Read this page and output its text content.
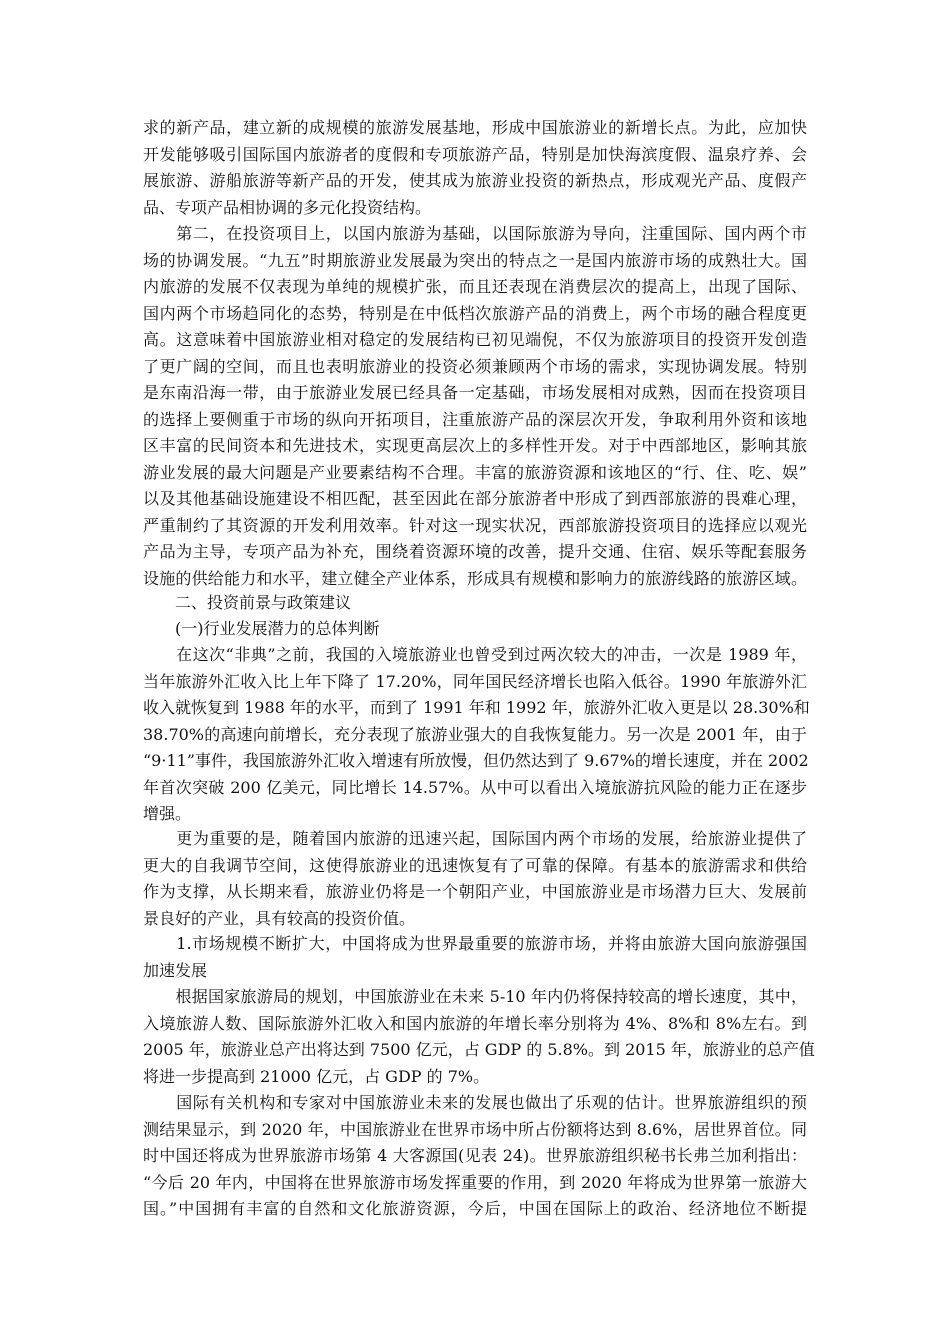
求的新产品，建立新的成规模的旅游发展基地，形成中国旅游业的新增长点。为此，应加快
开发能够吸引国际国内旅游者的度假和专项旅游产品，特别是加快海滨度假、温泉疗养、会
展旅游、游船旅游等新产品的开发，使其成为旅游业投资的新热点，形成观光产品、度假产
品、专项产品相协调的多元化投资结构。
　　第二，在投资项目上，以国内旅游为基础，以国际旅游为导向，注重国际、国内两个市
场的协调发展。“九五”时期旅游业发展最为突出的特点之一是国内旅游市场的成熟壮大。国
内旅游的发展不仅表现为单纯的规模扩张，而且还表现在消费层次的提高上，出现了国际、
国内两个市场趋同化的态势，特别是在中低档次旅游产品的消费上，两个市场的融合程度更
高。这意味着中国旅游业相对稳定的发展结构已初见端倪，不仅为旅游项目的投资开发创造
了更广阔的空间，而且也表明旅游业的投资必须兼顾两个市场的需求，实现协调发展。特别
是东南沿海一带，由于旅游业发展已经具备一定基础，市场发展相对成熟，因而在投资项目
的选择上要侧重于市场的纵向开拓项目，注重旅游产品的深层次开发，争取利用外资和该地
区丰富的民间资本和先进技术，实现更高层次上的多样性开发。对于中西部地区，影响其旅
游业发展的最大问题是产业要素结构不合理。丰富的旅游资源和该地区的“行、住、吃、娱”
以及其他基础设施建设不相匹配，甚至因此在部分旅游者中形成了到西部旅游的畏难心理，
严重制约了其资源的开发利用效率。针对这一现实状况，西部旅游投资项目的选择应以观光
产品为主导，专项产品为补充，围绕着资源环境的改善，提升交通、住宿、娱乐等配套服务
设施的供给能力和水平，建立健全产业体系，形成具有规模和影响力的旅游线路的旅游区域。
　　二、投资前景与政策建议
　　(一)行业发展潜力的总体判断
　　在这次“非典”之前，我国的入境旅游业也曾受到过两次较大的冲击，一次是 1989 年，
当年旅游外汇收入比上年下降了 17.20%，同年国民经济增长也陷入低谷。1990 年旅游外汇
收入就恢复到 1988 年的水平，而到了 1991 年和 1992 年，旅游外汇收入更是以 28.30%和
38.70%的高速向前增长，充分表现了旅游业强大的自我恢复能力。另一次是 2001 年，由于
“9·11”事件，我国旅游外汇收入增速有所放慢，但仍然达到了 9.67%的增长速度，并在 2002
年首次突破 200 亿美元，同比增长 14.57%。从中可以看出入境旅游抗风险的能力正在逐步
增强。
　　更为重要的是，随着国内旅游的迅速兴起，国际国内两个市场的发展，给旅游业提供了
更大的自我调节空间，这使得旅游业的迅速恢复有了可靠的保障。有基本的旅游需求和供给
作为支撑，从长期来看，旅游业仍将是一个朝阳产业，中国旅游业是市场潜力巨大、发展前
景良好的产业，具有较高的投资价值。
　　1.市场规模不断扩大，中国将成为世界最重要的旅游市场，并将由旅游大国向旅游强国
加速发展
　　根据国家旅游局的规划，中国旅游业在未来 5-10 年内仍将保持较高的增长速度，其中，
入境旅游人数、国际旅游外汇收入和国内旅游的年增长率分别将为 4%、8%和 8%左右。到
2005 年，旅游业总产出将达到 7500 亿元，占 GDP 的 5.8%。到 2015 年，旅游业的总产值
将进一步提高到 21000 亿元，占 GDP 的 7%。
　　国际有关机构和专家对中国旅游业未来的发展也做出了乐观的估计。世界旅游组织的预
测结果显示，到 2020 年，中国旅游业在世界市场中所占份额将达到 8.6%，居世界首位。同
时中国还将成为世界旅游市场第 4 大客源国(见表 24)。世界旅游组织秘书长弗兰加利指出：
“今后 20 年内，中国将在世界旅游市场发挥重要的作用，到 2020 年将成为世界第一旅游大
国。”中国拥有丰富的自然和文化旅游资源，今后，中国在国际上的政治、经济地位不断提
